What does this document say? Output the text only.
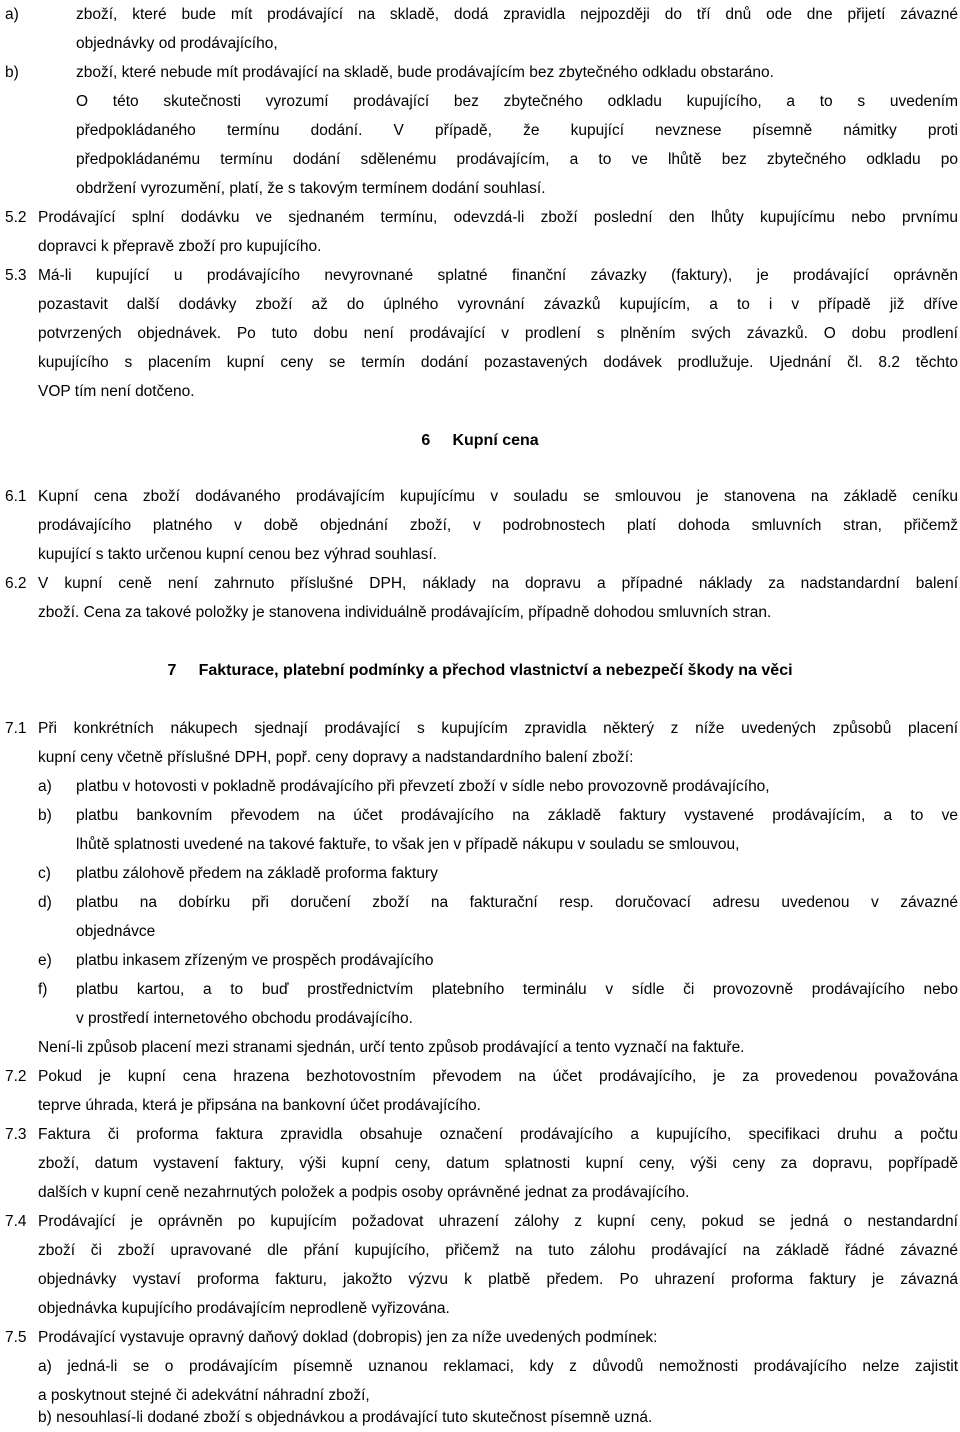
a)	zboží, které bude mít prodávající na skladě, dodá zpravidla nejpozději do tří dnů ode dne přijetí závazné
objednávky od prodávajícího,
b)	zboží, které nebude mít prodávající na skladě, bude prodávajícím bez zbytečného odkladu obstaráno.
O této skutečnosti vyrozumí prodávající bez zbytečného odkladu kupujícího, a to s uvedením
předpokládaného termínu dodání. V případě, že kupující nevznese písemně námitky proti
předpokládanému termínu dodání sdělenému prodávajícím, a to ve lhůtě bez zbytečného odkladu po
obdržení vyrozumění, platí, že s takovým termínem dodání souhlasí.
5.2 Prodávající splní dodávku ve sjednaném termínu, odevzdá-li zboží poslední den lhůty kupujícímu nebo prvnímu
dopravci k přepravě zboží pro kupujícího.
5.3 Má-li kupující u prodávajícího nevyrovnané splatné finanční závazky (faktury), je prodávající oprávněn
pozastavit další dodávky zboží až do úplného vyrovnání závazků kupujícím, a to i v případě již dříve
potvrzených objednávek. Po tuto dobu není prodávající v prodlení s plněním svých závazků. O dobu prodlení
kupujícího s placením kupní ceny se termín dodání pozastavených dodávek prodlužuje. Ujednání čl. 8.2 těchto
VOP tím není dotčeno.
6     Kupní cena
6.1 Kupní cena zboží dodávaného prodávajícím kupujícímu v souladu se smlouvou je stanovena na základě ceníku
prodávajícího platného v době objednání zboží, v podrobnostech platí dohoda smluvních stran, přičemž
kupující s takto určenou kupní cenou bez výhrad souhlasí.
6.2 V kupní ceně není zahrnuto příslušné DPH, náklady na dopravu a případné náklady za nadstandardní balení
zboží. Cena za takové položky je stanovena individuálně prodávajícím, případně dohodou smluvních stran.
7     Fakturace, platební podmínky a přechod vlastnictví a nebezpečí škody na věci
7.1 Při konkrétních nákupech sjednají prodávající s kupujícím zpravidla některý z níže uvedených způsobů placení
kupní ceny včetně příslušné DPH, popř. ceny dopravy a nadstandardního balení zboží:
a) platbu v hotovosti v pokladně prodávajícího při převzetí zboží v sídle nebo provozovně prodávajícího,
b) platbu bankovním převodem na účet prodávajícího na základě faktury vystavené prodávajícím, a to ve
lhůtě splatnosti uvedené na takové faktuře, to však jen v případě nákupu v souladu se smlouvou,
c) platbu zálohově předem na základě proforma faktury
d) platbu na dobírku při doručení zboží na fakturační resp. doručovací adresu uvedenou v závazné
objednávce
e) platbu inkasem zřízeným ve prospěch prodávajícího
f) platbu kartou, a to buď prostřednictvím platebního terminálu v sídle či provozovně prodávajícího nebo
v prostředí internetového obchodu prodávajícího.
Není-li způsob placení mezi stranami sjednán, určí tento způsob prodávající a tento vyznačí na faktuře.
7.2 Pokud je kupní cena hrazena bezhotovostním převodem na účet prodávajícího, je za provedenou považována
teprve úhrada, která je připsána na bankovní účet prodávajícího.
7.3 Faktura či proforma faktura zpravidla obsahuje označení prodávajícího a kupujícího, specifikaci druhu a počtu
zboží, datum vystavení faktury, výši kupní ceny, datum splatnosti kupní ceny, výši ceny za dopravu, popřípadě
dalších v kupní ceně nezahrnutých položek a podpis osoby oprávněné jednat za prodávajícího.
7.4 Prodávající je oprávněn po kupujícím požadovat uhrazení zálohy z kupní ceny, pokud se jedná o nestandardní
zboží či zboží upravované dle přání kupujícího, přičemž na tuto zálohu prodávající na základě řádné závazné
objednávky vystaví proforma fakturu, jakožto výzvu k platbě předem. Po uhrazení proforma faktury je závazná
objednávka kupujícího prodávajícím neprodleně vyřizována.
7.5 Prodávající vystavuje opravný daňový doklad (dobropis) jen za níže uvedených podmínek:
a) jedná-li se o prodávajícím písemně uznanou reklamaci, kdy z důvodů nemožnosti prodávajícího nelze zajistit
a poskytnout stejné či adekvátní náhradní zboží,
b) nesouhlasí-li dodané zboží s objednávkou a prodávající tuto skutečnost písemně uzná.
